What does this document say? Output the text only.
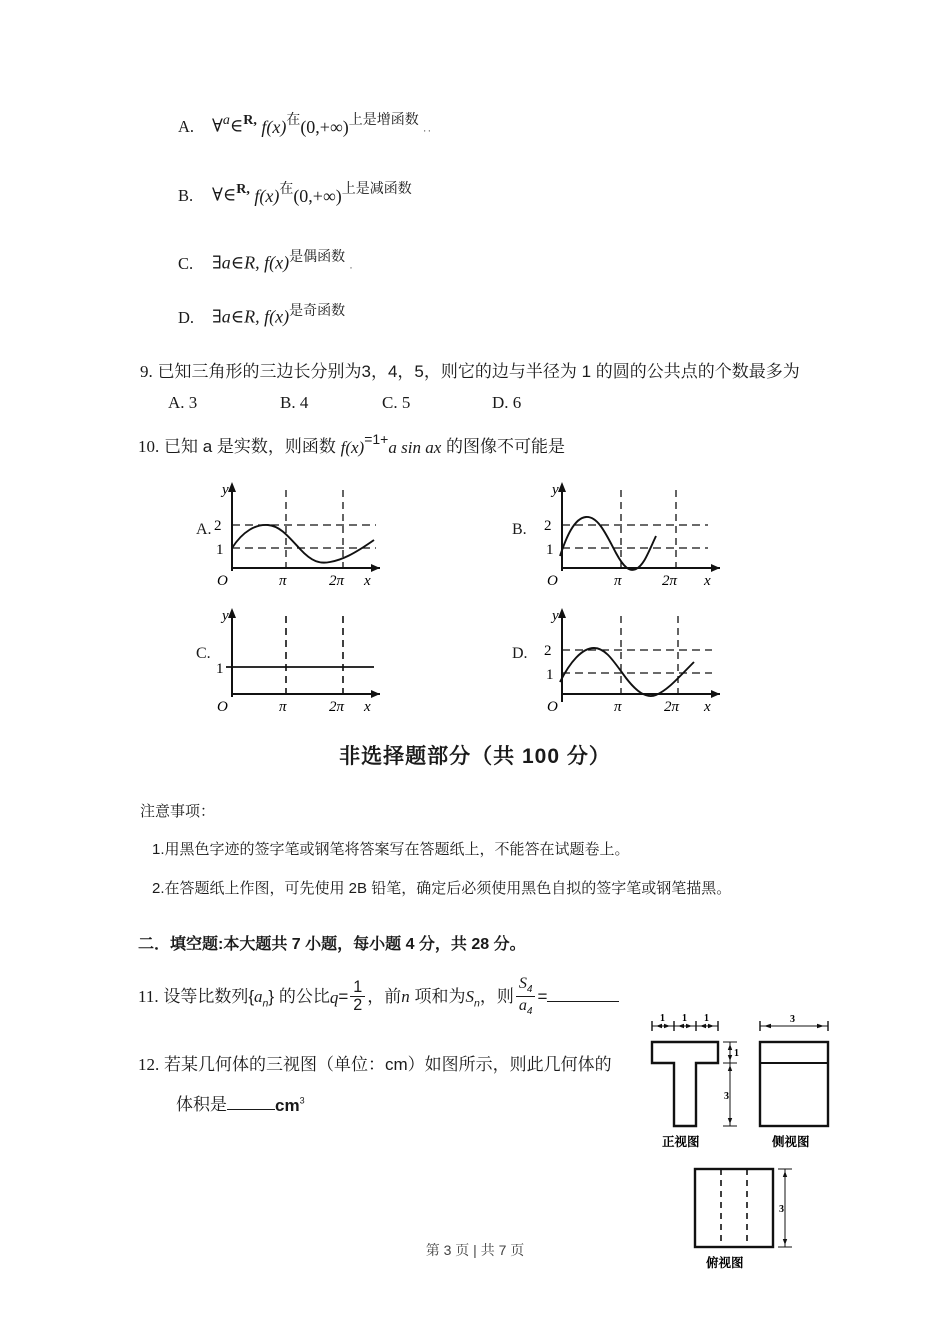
A. ∀a∈R, f(x)在(0,+∞)上是增函数 ..
B.	∀∈R, f(x)在(0,+∞)上是减函数
C.	∃a∈R, f(x)是偶函数 .
D. ∃a∈R, f(x)是奇函数
9. 已知三角形的三边长分别为3，4，5，则它的边与半径为 1 的圆的公共点的个数最多为
A. 3	B. 4	C. 5	D. 6
10. 已知 a 是实数，则函数 f(x)=1+a sin ax 的图像不可能是
A.
y
2
1
O	π	2π x
B.
y
2
1
O	π	2π x
C.
y
1
O	π	2π x
D.
y
2
1
O	π	2π x
非选择题部分（共 100 分）
注意事项：
1.用黑色字迹的签字笔或钢笔将答案写在答题纸上，不能答在试题卷上。
2.在答题纸上作图，可先使用 2B 铅笔，确定后必须使用黑色自拟的签字笔或钢笔描黑。
二．填空题:本大题共 7 小题，每小题 4 分，共 28 分。
11. 设等比数列$\{a_n\}$ 的公比$q= \frac{1}{2}$ ，前n 项和为$S_n$，则 $\frac{S_4}{a_4}$ =
12. 若某几何体的三视图（单位：cm）如图所示，则此几何体的
体积是	$cm^3$
1 1 1
1
3
3
正视图	侧视图
3
俯视图
第 3 页 | 共 7 页
